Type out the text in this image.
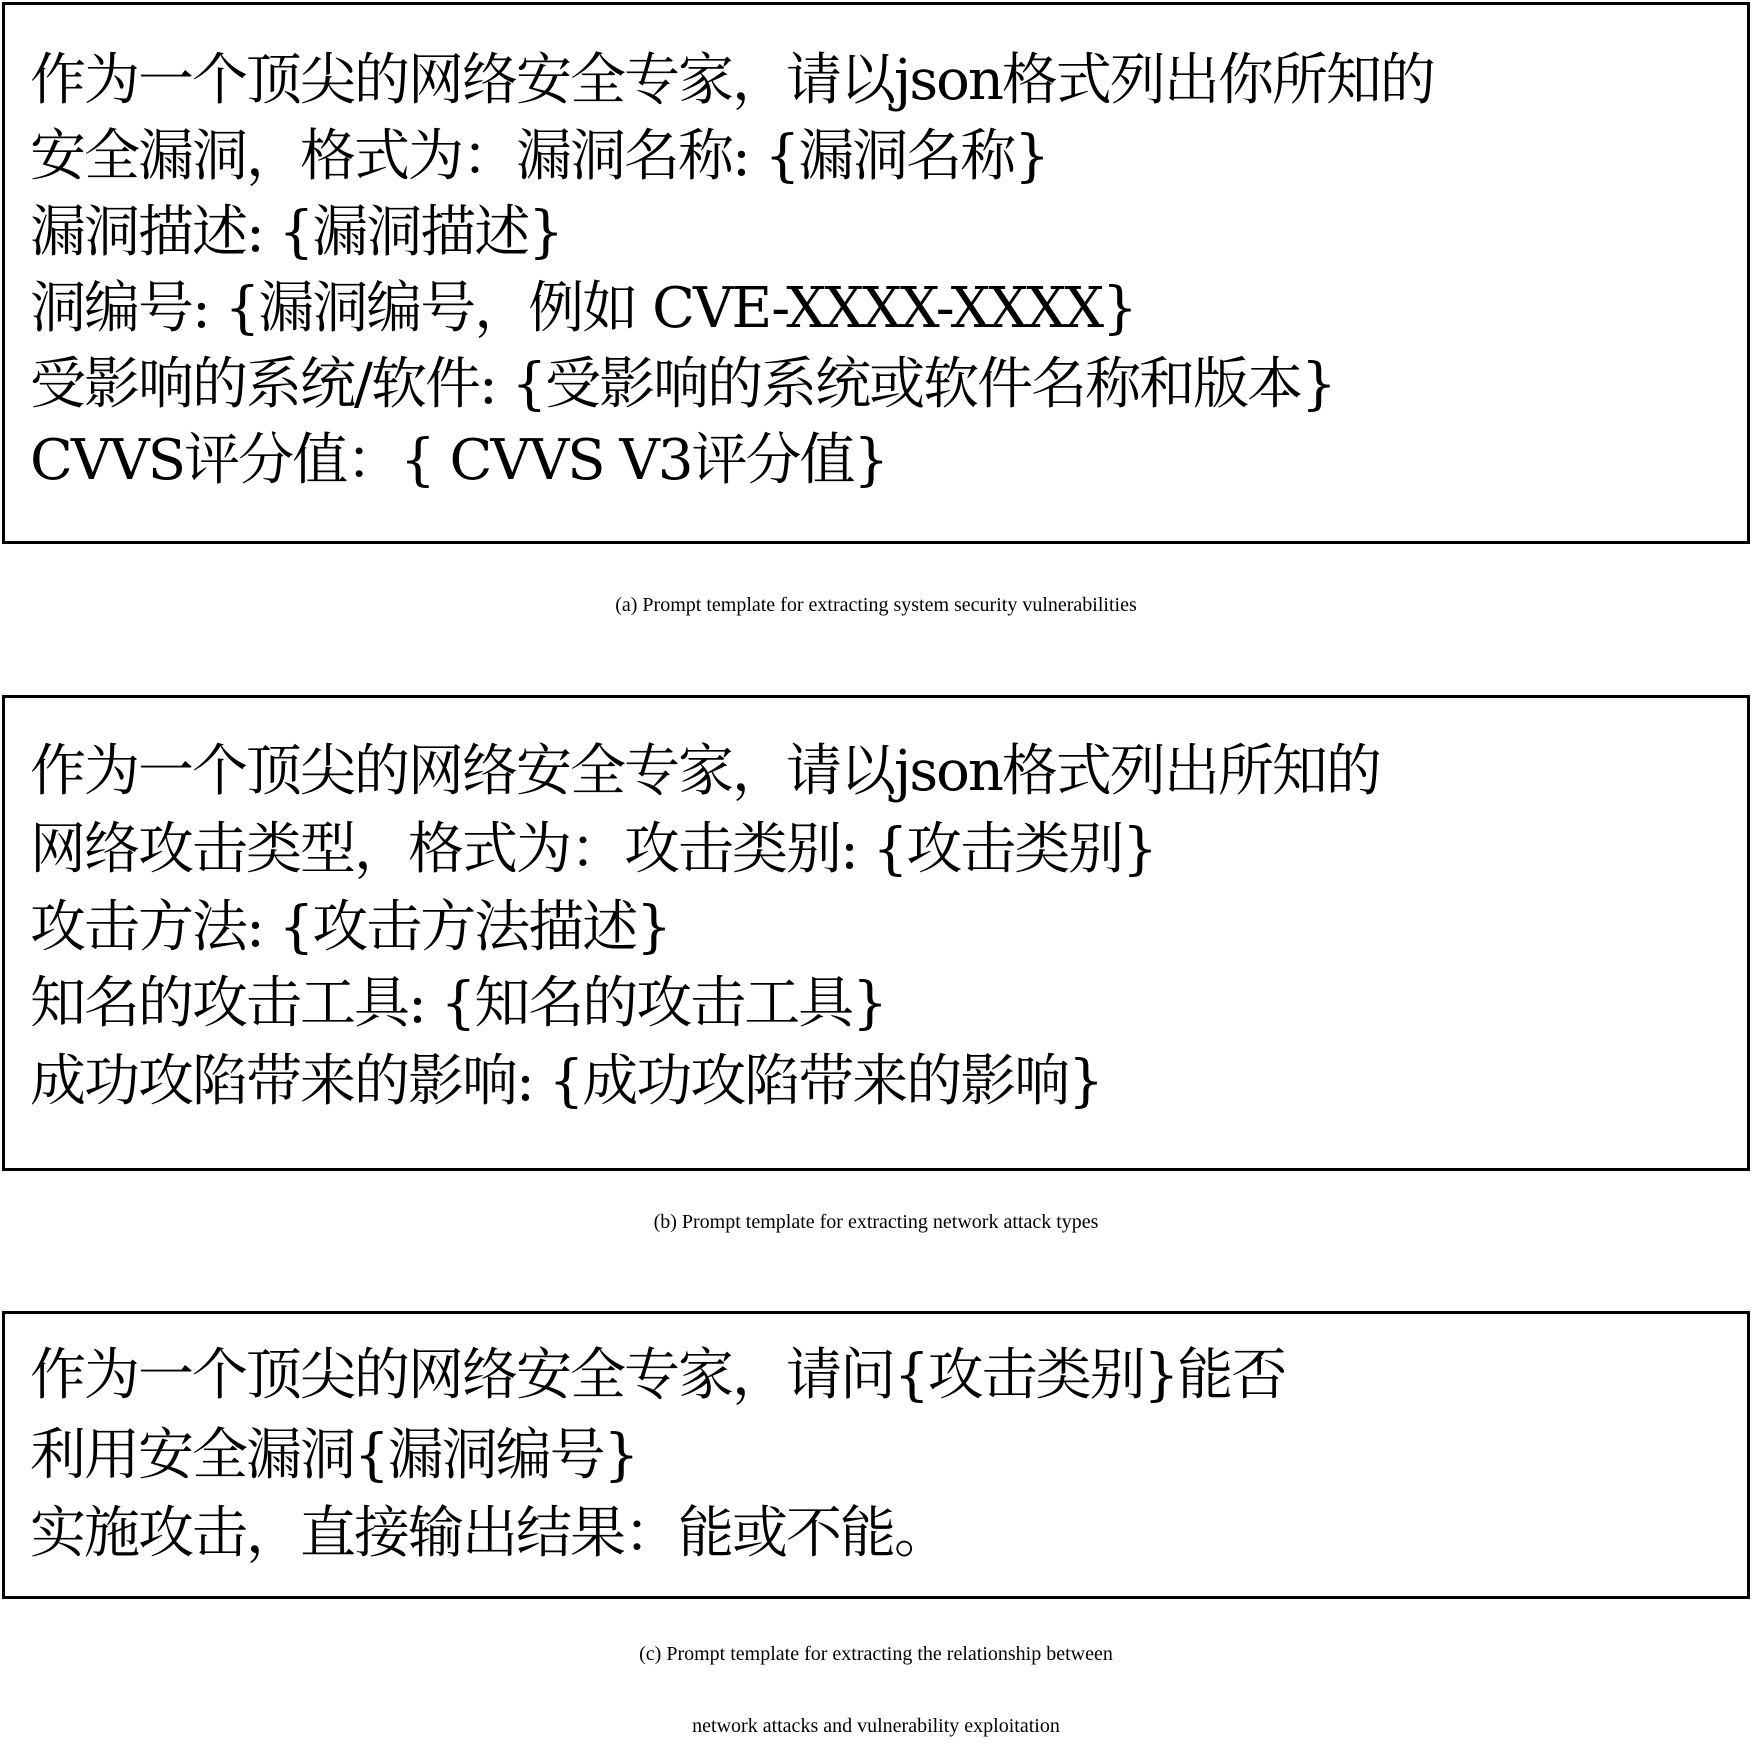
作为一个顶尖的网络安全专家，请以json格式列出你所知的
安全漏洞，格式为：漏洞名称: {漏洞名称}
漏洞描述: {漏洞描述}
洞编号: {漏洞编号，例如 CVE-XXXX-XXXX}
受影响的系统/软件: {受影响的系统或软件名称和版本}
CVVS评分值：{ CVVS V3评分值}
(a) Prompt template for extracting system security vulnerabilities
作为一个顶尖的网络安全专家，请以json格式列出所知的
网络攻击类型，格式为：攻击类别: {攻击类别}
攻击方法: {攻击方法描述}
知名的攻击工具: {知名的攻击工具}
成功攻陷带来的影响: {成功攻陷带来的影响}
(b) Prompt template for extracting network attack types
作为一个顶尖的网络安全专家，请问{攻击类别}能否
利用安全漏洞{漏洞编号}
实施攻击，直接输出结果：能或不能。
(c) Prompt template for extracting the relationship between
network attacks and vulnerability exploitation
